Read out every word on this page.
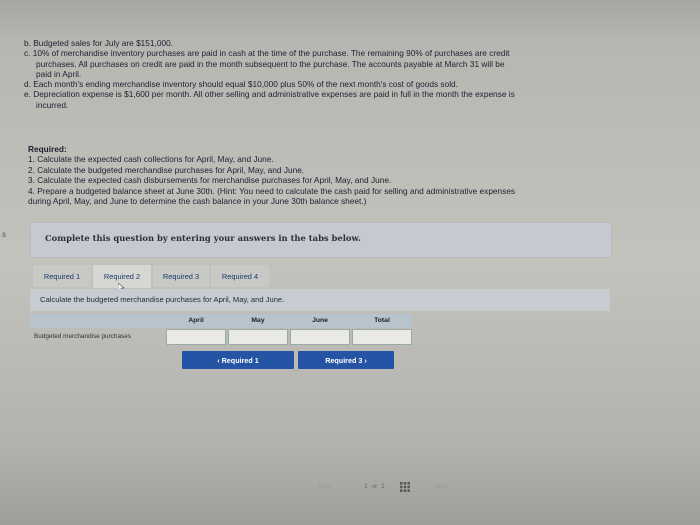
s

b. Budgeted sales for July are $151,000.

c. 10% of merchandise inventory purchases are paid in cash at the time of the purchase. The remaining 90% of purchases are credit

purchases. All purchases on credit are paid in the month subsequent to the purchase. The accounts payable at March 31 will be

paid in April.

d. Each month's ending merchandise inventory should equal $10,000 plus 50% of the next month's cost of goods sold.

e. Depreciation expense is $1,600 per month. All other selling and administrative expenses are paid in full in the month the expense is

incurred.

Required:

1. Calculate the expected cash collections for April, May, and June.

2. Calculate the budgeted merchandise purchases for April, May, and June.

3. Calculate the expected cash disbursements for merchandise purchases for April, May, and June.

4. Prepare a budgeted balance sheet at June 30th. (Hint: You need to calculate the cash paid for selling and administrative expenses

during April, May, and June to determine the cash balance in your June 30th balance sheet.)

Complete this question by entering your answers in the tabs below.
Required 1	Required 2	Required 3	Required 4
Calculate the budgeted merchandise purchases for April, May, and June.
April	May	June	Total
Budgeted merchandise purchases
‹ Required 1	Required 3 ›
Prev	1 of 1	Next
